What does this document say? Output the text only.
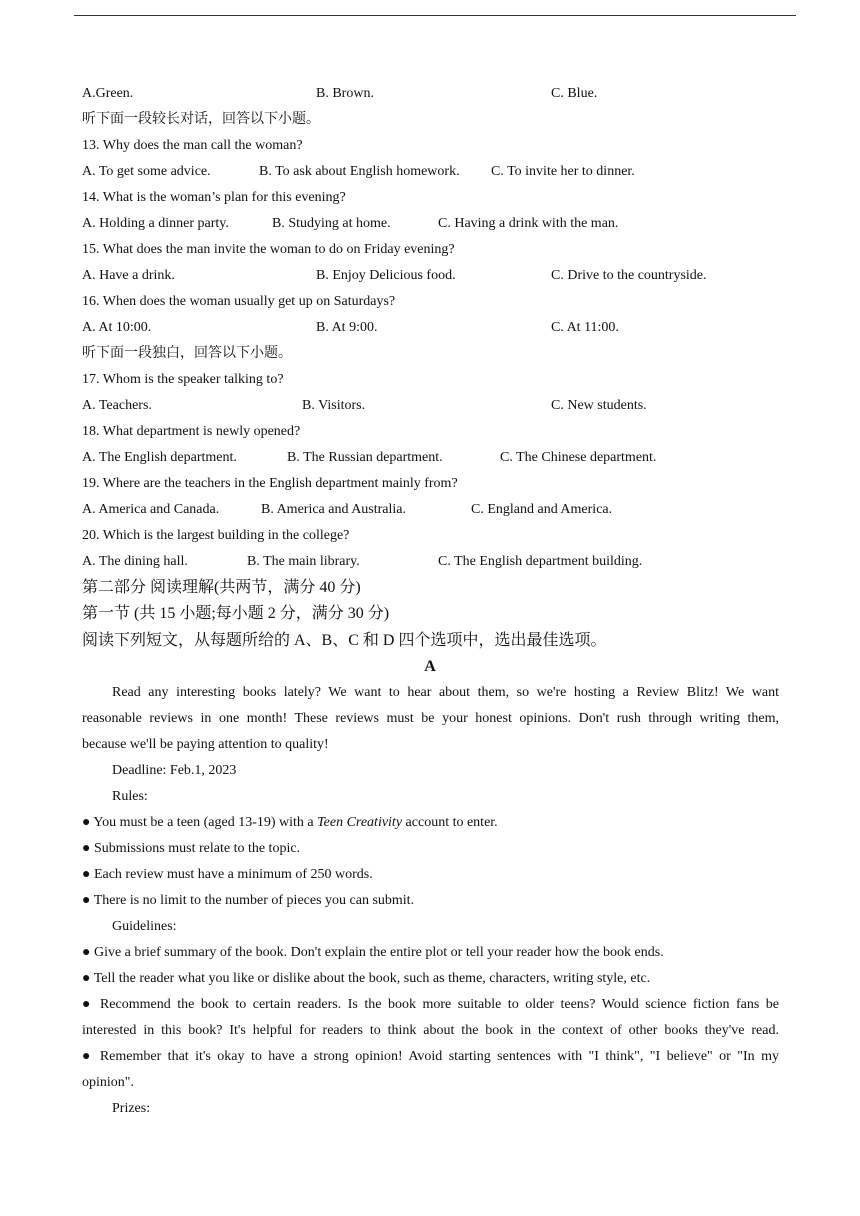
A.Green.	B. Brown.	C. Blue.
听下面一段较长对话，回答以下小题。
13. Why does the man call the woman?
A. To get some advice.	B. To ask about English homework. C. To invite her to dinner.
14. What is the woman’s plan for this evening?
A. Holding a dinner party.	B. Studying at home.	C. Having a drink with the man.
15. What does the man invite the woman to do on Friday evening?
A. Have a drink.	B. Enjoy Delicious food.	C. Drive to the countryside.
16. When does the woman usually get up on Saturdays?
A. At 10:00.	B. At 9:00.	C. At 11:00.
听下面一段独白，回答以下小题。
17. Whom is the speaker talking to?
A. Teachers.	B. Visitors.	C. New students.
18. What department is newly opened?
A. The English department.	B. The Russian department.	C. The Chinese department.
19. Where are the teachers in the English department mainly from?
A. America and Canada.	B. America and Australia.	C. England and America.
20. Which is the largest building in the college?
A. The dining hall.	B. The main library.	C. The English department building.
第二部分 阅读理解(共两节，满分 40 分)
第一节 (共 15 小题;每小题 2 分，满分 30 分)
阅读下列短文，从每题所给的 A、B、C 和 D 四个选项中，选出最佳选项。
A
Read any interesting books lately? We want to hear about them, so we're hosting a Review Blitz! We want
reasonable reviews in one month! These reviews must be your honest opinions. Don't rush through writing them,
because we'll be paying attention to quality!
Deadline: Feb.1, 2023
Rules:
● You must be a teen (aged 13-19) with a Teen Creativity account to enter.
● Submissions must relate to the topic.
● Each review must have a minimum of 250 words.
● There is no limit to the number of pieces you can submit.
Guidelines:
● Give a brief summary of the book. Don't explain the entire plot or tell your reader how the book ends.
● Tell the reader what you like or dislike about the book, such as theme, characters, writing style, etc.
● Recommend the book to certain readers. Is the book more suitable to older teens? Would science fiction fans be
interested in this book? It's helpful for readers to think about the book in the context of other books they've read.
● Remember that it's okay to have a strong opinion! Avoid starting sentences with "I think", "I believe" or "In my
opinion".
Prizes:
